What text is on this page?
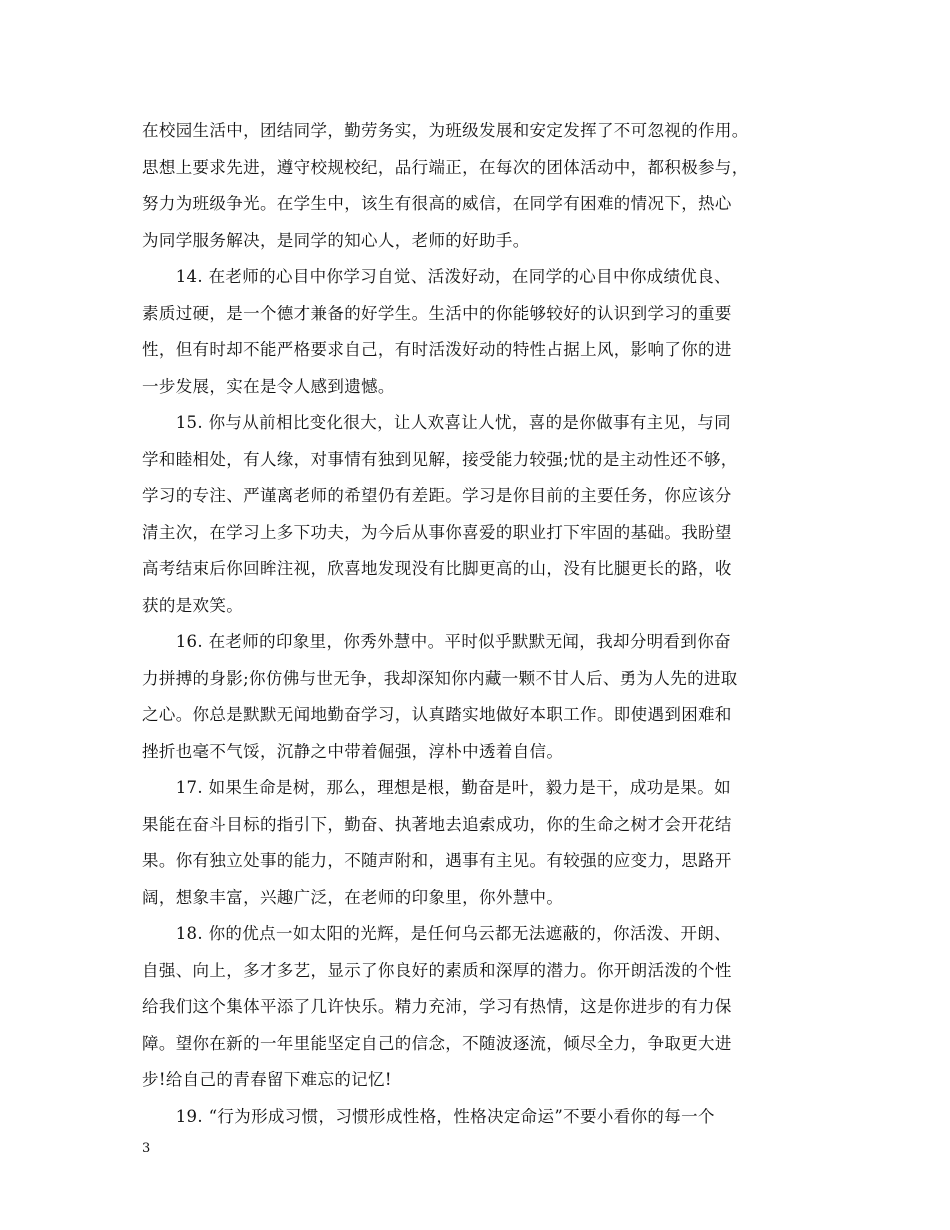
在校园生活中，团结同学，勤劳务实，为班级发展和安定发挥了不可忽视的作用。
思想上要求先进，遵守校规校纪，品行端正，在每次的团体活动中，都积极参与，
努力为班级争光。在学生中，该生有很高的威信，在同学有困难的情况下，热心
为同学服务解决，是同学的知心人，老师的好助手。
　　14. 在老师的心目中你学习自觉、活泼好动，在同学的心目中你成绩优良、
素质过硬，是一个德才兼备的好学生。生活中的你能够较好的认识到学习的重要
性，但有时却不能严格要求自己，有时活泼好动的特性占据上风，影响了你的进
一步发展，实在是令人感到遗憾。
　　15. 你与从前相比变化很大，让人欢喜让人忧，喜的是你做事有主见，与同
学和睦相处，有人缘，对事情有独到见解，接受能力较强;忧的是主动性还不够，
学习的专注、严谨离老师的希望仍有差距。学习是你目前的主要任务，你应该分
清主次，在学习上多下功夫，为今后从事你喜爱的职业打下牢固的基础。我盼望
高考结束后你回眸注视，欣喜地发现没有比脚更高的山，没有比腿更长的路，收
获的是欢笑。
　　16. 在老师的印象里，你秀外慧中。平时似乎默默无闻，我却分明看到你奋
力拼搏的身影;你仿佛与世无争，我却深知你内藏一颗不甘人后、勇为人先的进取
之心。你总是默默无闻地勤奋学习，认真踏实地做好本职工作。即使遇到困难和
挫折也毫不气馁，沉静之中带着倔强，淳朴中透着自信。
　　17. 如果生命是树，那么，理想是根，勤奋是叶，毅力是干，成功是果。如
果能在奋斗目标的指引下，勤奋、执著地去追索成功，你的生命之树才会开花结
果。你有独立处事的能力，不随声附和，遇事有主见。有较强的应变力，思路开
阔，想象丰富，兴趣广泛，在老师的印象里，你外慧中。
　　18. 你的优点一如太阳的光辉，是任何乌云都无法遮蔽的，你活泼、开朗、
自强、向上，多才多艺，显示了你良好的素质和深厚的潜力。你开朗活泼的个性
给我们这个集体平添了几许快乐。精力充沛，学习有热情，这是你进步的有力保
障。望你在新的一年里能坚定自己的信念，不随波逐流，倾尽全力，争取更大进
步!给自己的青春留下难忘的记忆!
　　19. “行为形成习惯，习惯形成性格，性格决定命运”不要小看你的每一个
3
